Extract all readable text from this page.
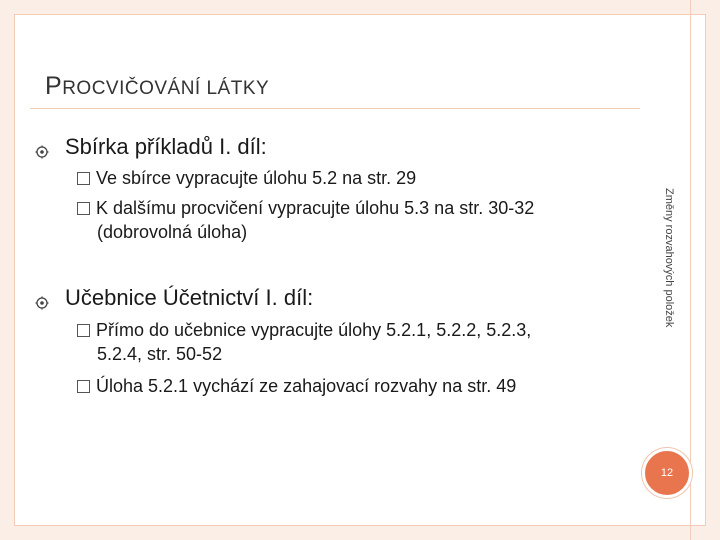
PROCVIČOVÁNÍ LÁTKY
Sbírka příkladů I. díl:
Ve sbírce vypracujte úlohu 5.2 na str. 29
K dalšímu procvičení vypracujte úlohu 5.3 na str. 30-32
(dobrovolná úloha)
Učebnice Účetnictví I. díl:
Přímo do učebnice vypracujte úlohy 5.2.1, 5.2.2, 5.2.3,
5.2.4, str. 50-52
Úloha 5.2.1 vychází ze zahajovací rozvahy na str. 49
Změny rozvahových položek
12
